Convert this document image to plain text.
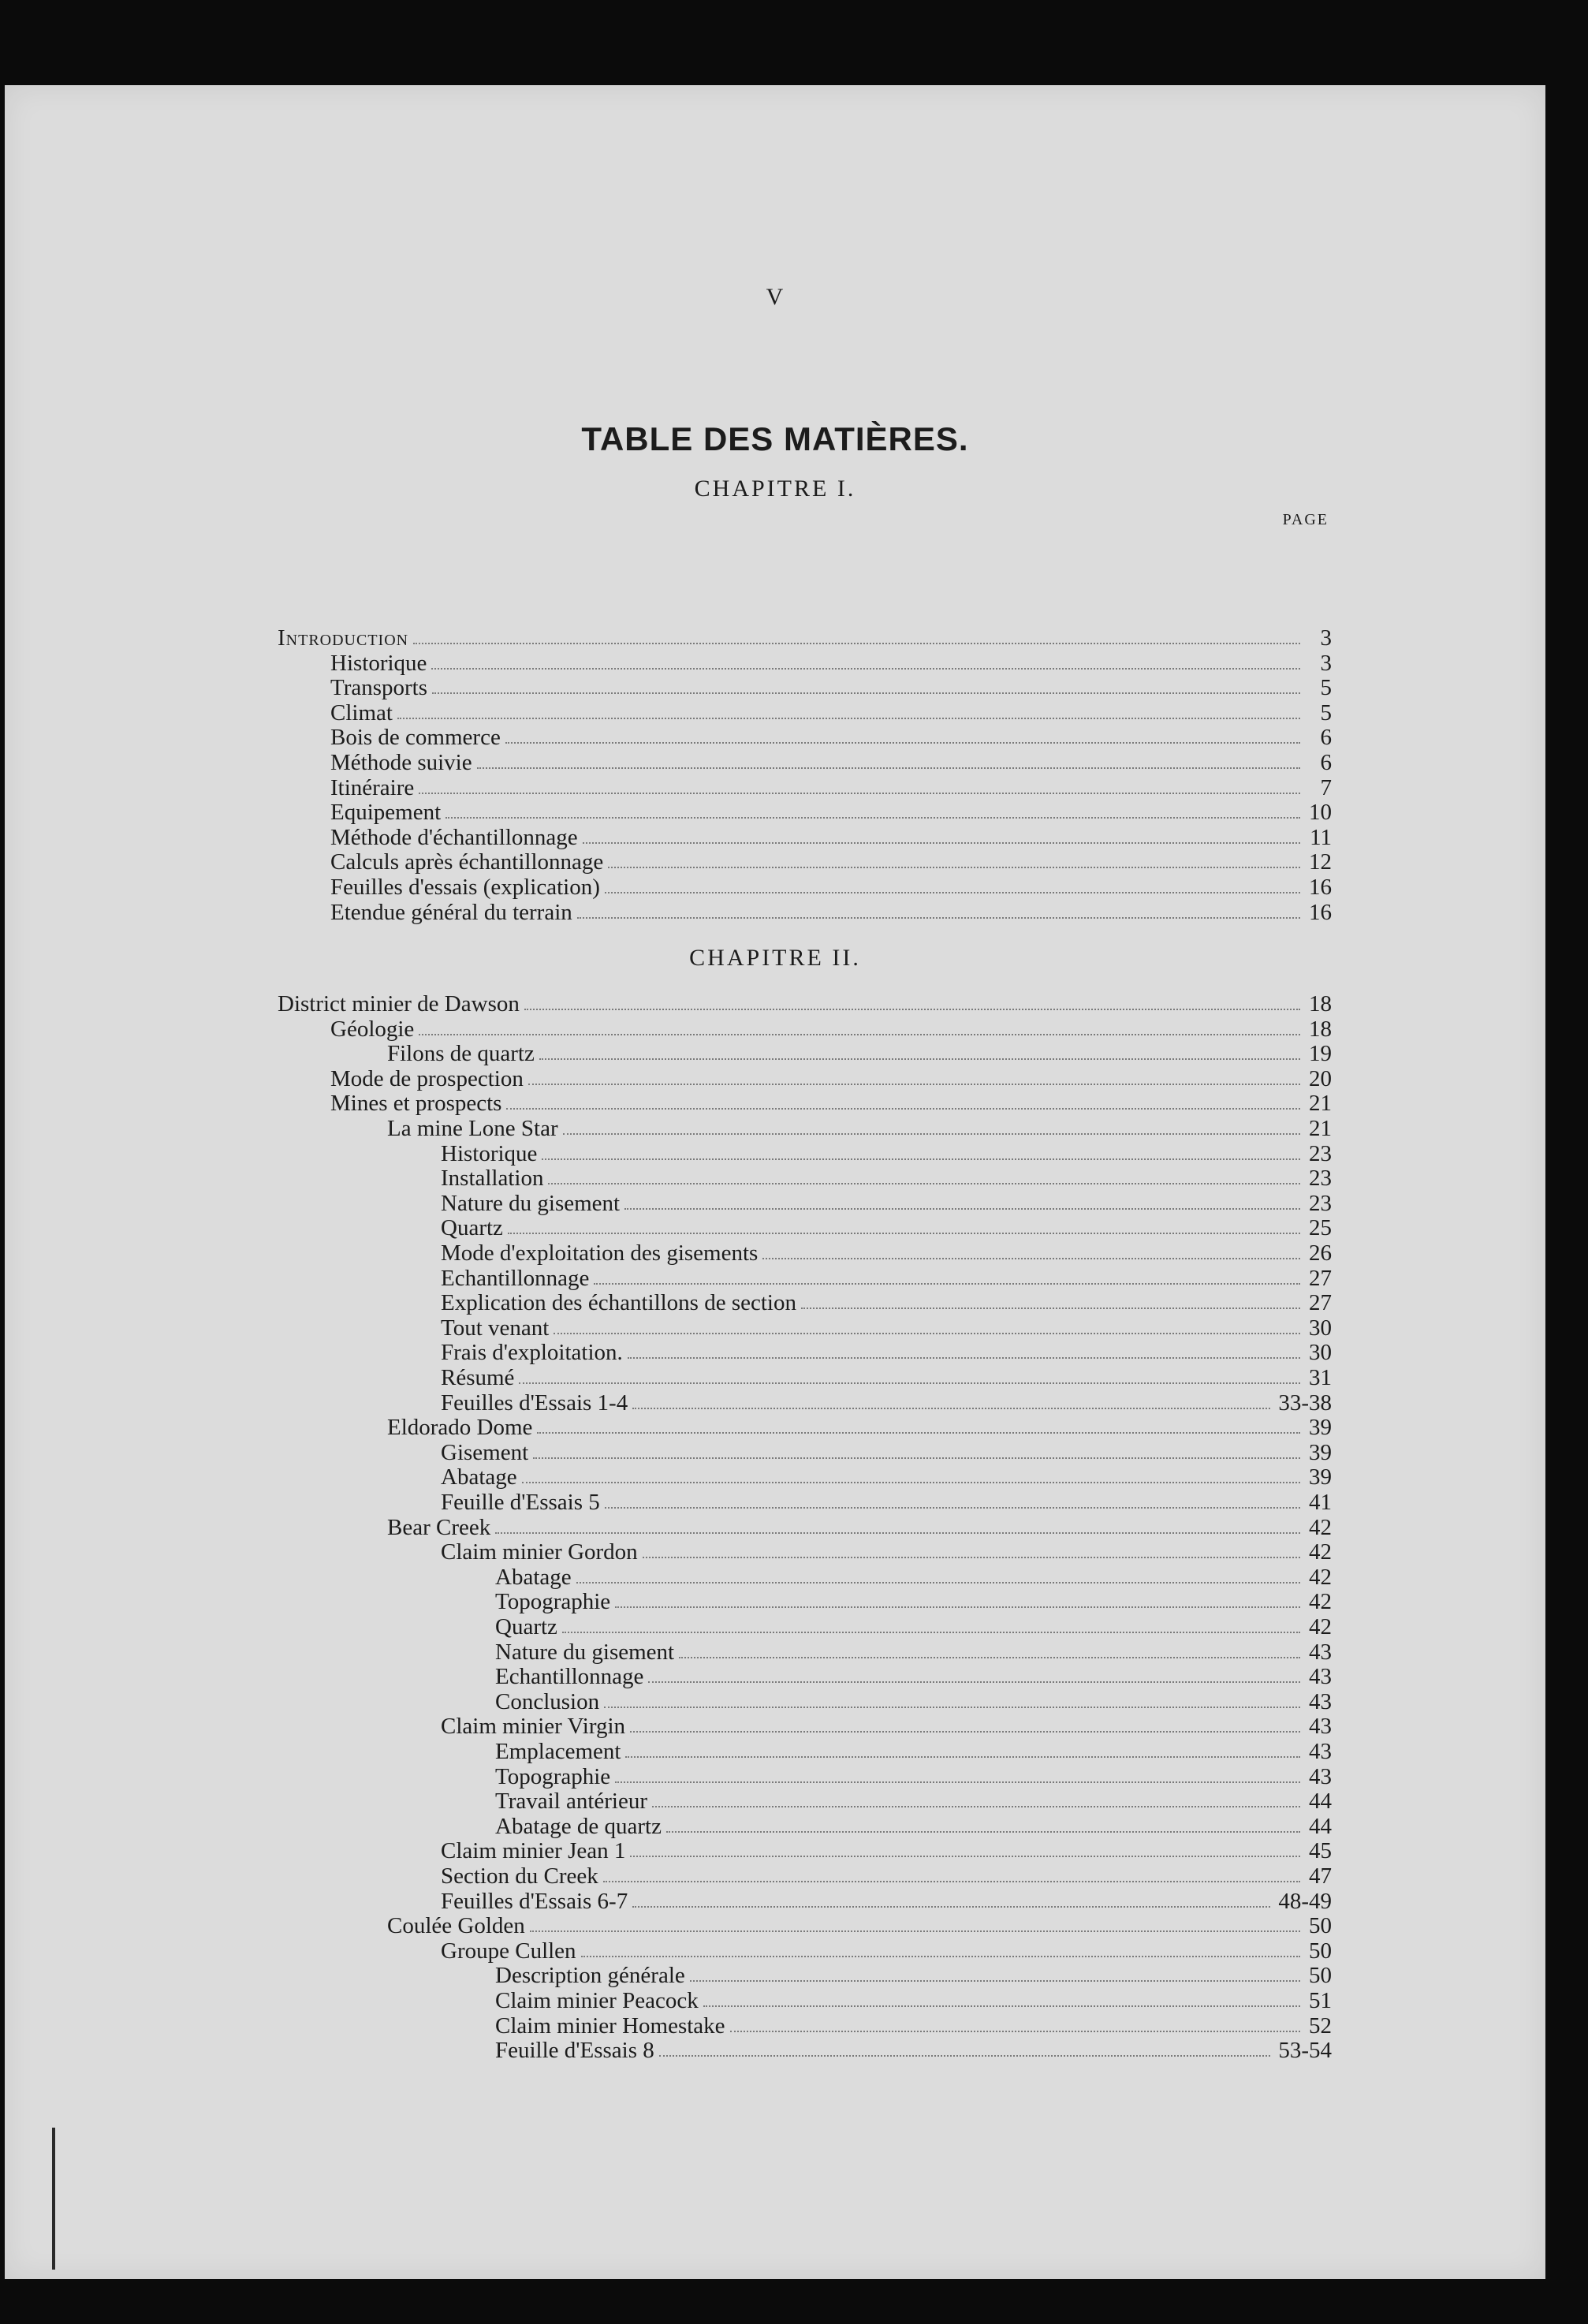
V
TABLE DES MATIÈRES.
CHAPITRE I.
PAGE
Introduction	3
Historique	3
Transports	5
Climat	5
Bois de commerce	6
Méthode suivie	6
Itinéraire	7
Equipement	10
Méthode d'échantillonnage	11
Calculs après échantillonnage	12
Feuilles d'essais (explication)	16
Etendue général du terrain	16
CHAPITRE II.
District minier de Dawson	18
Géologie	18
Filons de quartz	19
Mode de prospection	20
Mines et prospects	21
La mine Lone Star	21
Historique	23
Installation	23
Nature du gisement	23
Quartz	25
Mode d'exploitation des gisements	26
Echantillonnage	27
Explication des échantillons de section	27
Tout venant	30
Frais d'exploitation.	30
Résumé	31
Feuilles d'Essais 1-4	33-38
Eldorado Dome	39
Gisement	39
Abatage	39
Feuille d'Essais 5	41
Bear Creek	42
Claim minier Gordon	42
Abatage	42
Topographie	42
Quartz	42
Nature du gisement	43
Echantillonnage	43
Conclusion	43
Claim minier Virgin	43
Emplacement	43
Topographie	43
Travail antérieur	44
Abatage de quartz	44
Claim minier Jean 1	45
Section du Creek	47
Feuilles d'Essais 6-7	48-49
Coulée Golden	50
Groupe Cullen	50
Description générale	50
Claim minier Peacock	51
Claim minier Homestake	52
Feuille d'Essais 8	53-54
